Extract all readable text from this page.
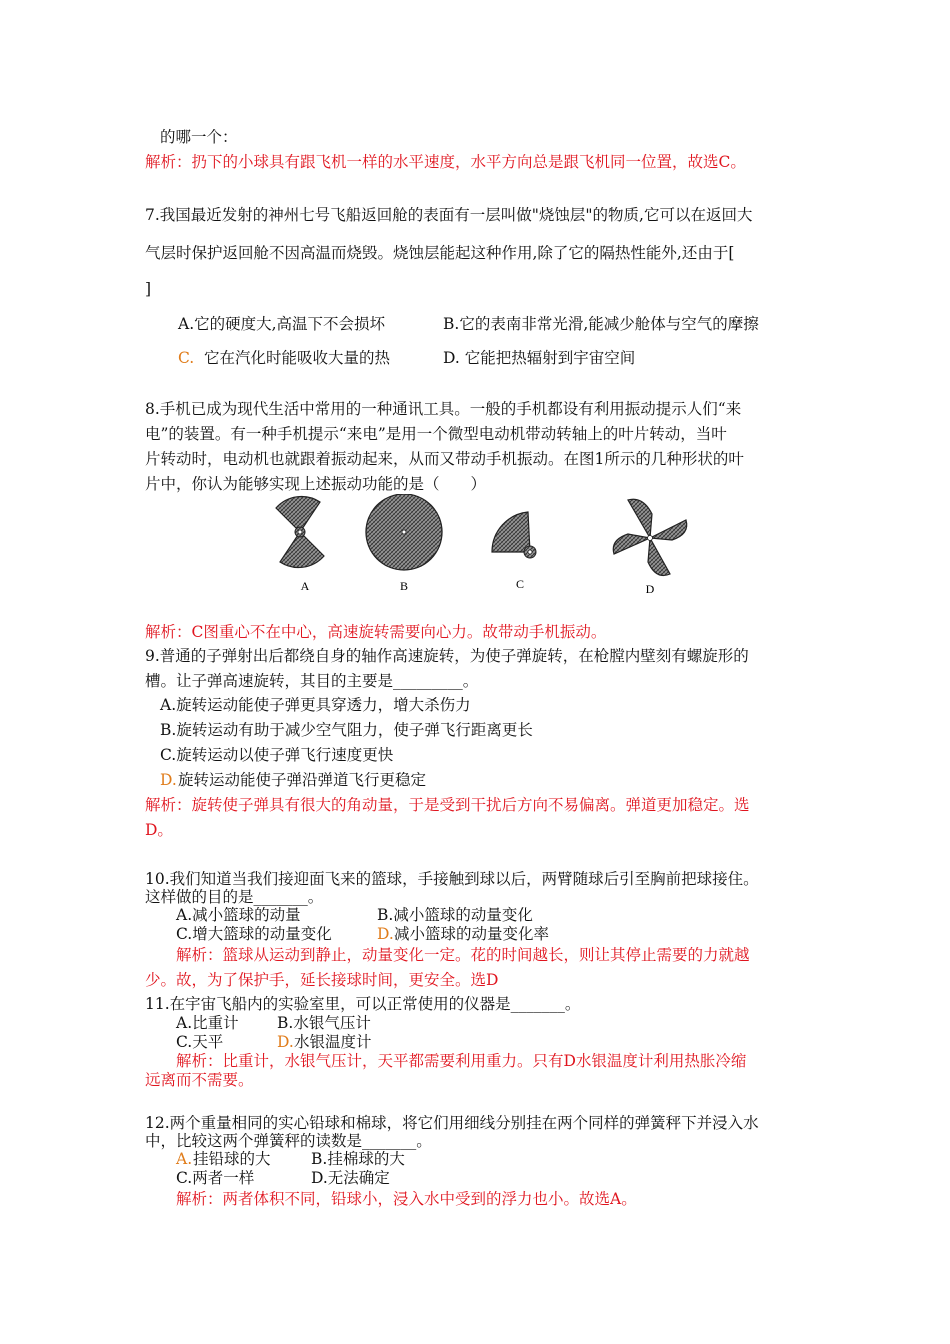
的哪一个：
解析：扔下的小球具有跟飞机一样的水平速度，水平方向总是跟飞机同一位置，故选C。
7.我国最近发射的神州七号飞船返回舱的表面有一层叫做"烧蚀层"的物质,它可以在返回大
气层时保护返回舱不因高温而烧毁。烧蚀层能起这种作用,除了它的隔热性能外,还由于[
]
A.它的硬度大,高温下不会损坏	B.它的表南非常光滑,能减少舱体与空气的摩擦
C. 它在汽化时能吸收大量的热	D. 它能把热辐射到宇宙空间
8.手机已成为现代生活中常用的一种通讯工具。一般的手机都设有利用振动提示人们“来
电”的装置。有一种手机提示“来电”是用一个微型电动机带动转轴上的叶片转动，当叶
片转动时，电动机也就跟着振动起来，从而又带动手机振动。在图1所示的几种形状的叶
片中，你认为能够实现上述振动功能的是（　　）
A	B	C	D
解析：C图重心不在中心，高速旋转需要向心力。故带动手机振动。
9.普通的子弹射出后都绕自身的轴作高速旋转，为使子弹旋转，在枪膛内壁刻有螺旋形的
槽。让子弹高速旋转，其目的主要是_________。
A.旋转运动能使子弹更具穿透力，增大杀伤力
B.旋转运动有助于减少空气阻力，使子弹飞行距离更长
C.旋转运动以使子弹飞行速度更快
D. 旋转运动能使子弹沿弹道飞行更稳定
解析：旋转使子弹具有很大的角动量，于是受到干扰后方向不易偏离。弹道更加稳定。选
D。
10.我们知道当我们接迎面飞来的篮球，手接触到球以后，两臂随球后引至胸前把球接住。
这样做的目的是_______。
A.减小篮球的动量	B.减小篮球的动量变化
C.增大篮球的动量变化	D. 减小篮球的动量变化率
解析：篮球从运动到静止，动量变化一定。花的时间越长，则让其停止需要的力就越
少。故，为了保护手，延长接球时间，更安全。选D
11.在宇宙飞船内的实验室里，可以正常使用的仪器是_______。
A.比重计 B.水银气压计
C.天平	D. 水银温度计
解析：比重计，水银气压计，天平都需要利用重力。只有D水银温度计利用热胀冷缩
远离而不需要。
12.两个重量相同的实心铅球和棉球，将它们用细线分别挂在两个同样的弹簧秤下并浸入水
中，比较这两个弹簧秤的读数是_______。
A. 挂铅球的大	B.挂棉球的大
C.两者一样	D.无法确定
解析：两者体积不同，铅球小，浸入水中受到的浮力也小。故选A。
